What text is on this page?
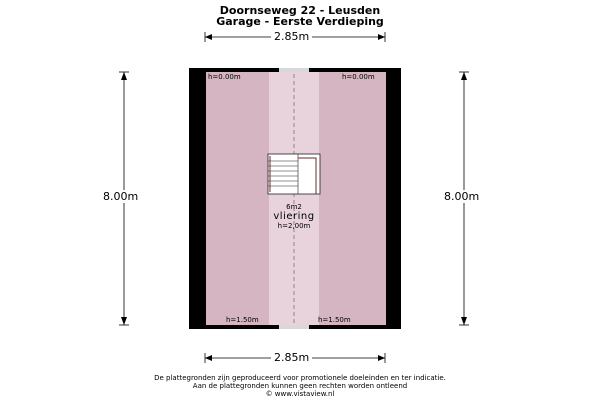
Doornseweg 22 - Leusden
Garage - Eerste Verdieping
2.85m
2.85m
8.00m	8.00m
h=0.00m	h=0.00m
h=1.50m	h=1.50m
6m2
vliering
h=2,00m
De plattegronden zijn geproduceerd voor promotionele doeleinden en ter indicatie.
Aan de plattegronden kunnen geen rechten worden ontleend
© www.vistaview.nl
